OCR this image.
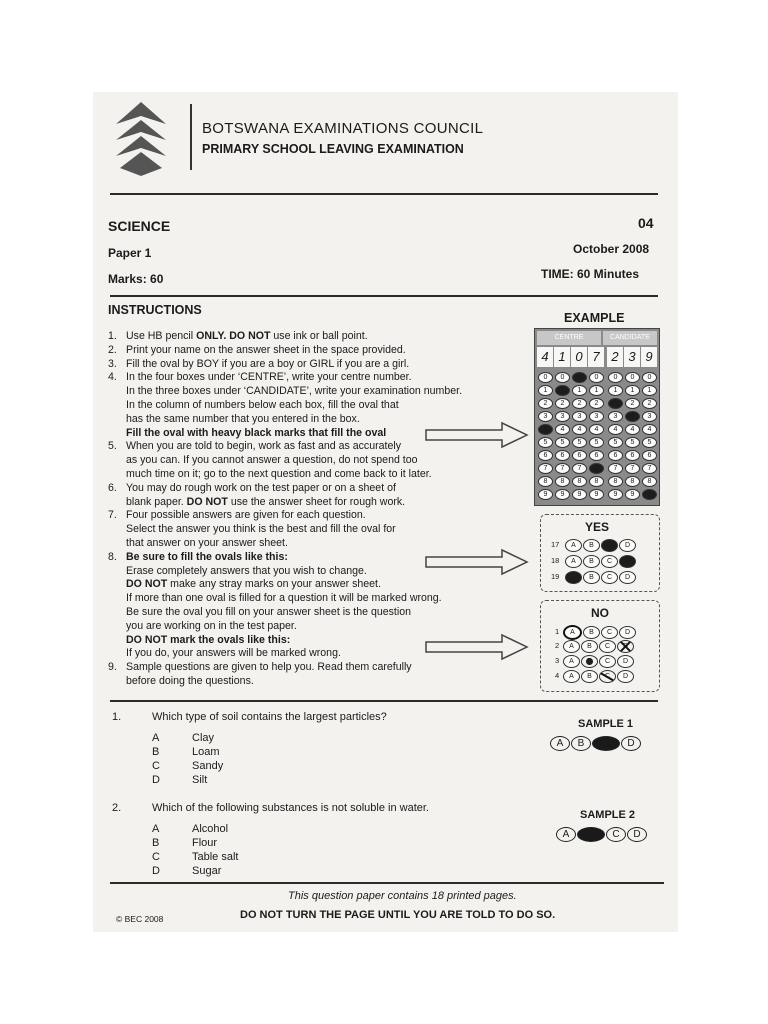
BOTSWANA EXAMINATIONS COUNCIL
PRIMARY SCHOOL LEAVING EXAMINATION
SCIENCE	04
Paper 1	October 2008
Marks: 60	TIME: 60 Minutes
INSTRUCTIONS
1. Use HB pencil ONLY. DO NOT use ink or ball point.
2. Print your name on the answer sheet in the space provided.
3. Fill the oval by BOY if you are a boy or GIRL if you are a girl.
4. In the four boxes under ‘CENTRE’, write your centre number.
In the three boxes under ‘CANDIDATE’, write your examination number.
In the column of numbers below each box, fill the oval that
has the same number that you entered in the box.
Fill the oval with heavy black marks that fill the oval
5. When you are told to begin, work as fast and as accurately
as you can. If you cannot answer a question, do not spend too
much time on it; go to the next question and come back to it later.
6. You may do rough work on the test paper or on a sheet of
blank paper. DO NOT use the answer sheet for rough work.
7. Four possible answers are given for each question.
Select the answer you think is the best and fill the oval for
that answer on your answer sheet.
8. Be sure to fill the ovals like this:
Erase completely answers that you wish to change.
DO NOT make any stray marks on your answer sheet.
If more than one oval is filled for a question it will be marked wrong.
Be sure the oval you fill on your answer sheet is the question
you are working on in the test paper.
DO NOT mark the ovals like this:
If you do, your answers will be marked wrong.
9. Sample questions are given to help you. Read them carefully
before doing the questions.
EXAMPLE
CENTRE	CANDIDATE
4 1 0 7 2 3 9
0	0	0	0	0	0	0
1	1	1	1	1	1	1
2	2	2	2	2	2	2
3	3	3	3	3	3	3
4	4	4	4	4	4	4
5	5	5	5	5	5	5
6	6	6	6	6	6	6
7	7	7	7	7	7	7
8	8	8	8	8	8	8
9	9	9	9	9	9	9
YES
17 A B C D
18 A B C D
19 A B C D
NO
1 A B C D
2 A B C D
3 A B C D
4 A B C D
1.	Which type of soil contains the largest particles?
A	Clay
B	Loam
C	Sandy
D	Silt
SAMPLE 1
A B C D
2.	Which of the following substances is not soluble in water.
A	Alcohol
B	Flour
C	Table salt
D	Sugar
SAMPLE 2
A B C D
This question paper contains 18 printed pages.
© BEC 2008	DO NOT TURN THE PAGE UNTIL YOU ARE TOLD TO DO SO.
